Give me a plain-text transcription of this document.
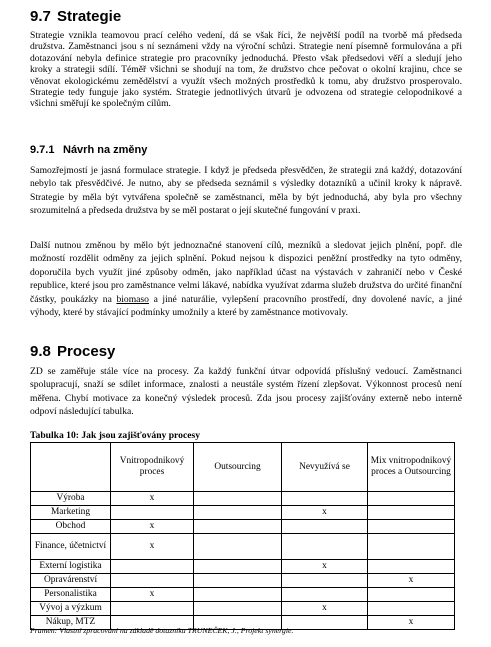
9.7 Strategie

Strategie vznikla teamovou prací celého vedení, dá se však říci, že největší podíl na tvorbě má předseda družstva. Zaměstnanci jsou s ní seznámeni vždy na výroční schůzi. Strategie není písemně formulována a při dotazování nebyla definice strategie pro pracovníky jednoduchá. Přesto však předsedovi věří a sledují jeho kroky a strategii sdílí. Téměř všichni se shodují na tom, že družstvo chce pečovat o okolní krajinu, chce se věnovat ekologickému zemědělství a využít všech možných prostředků k tomu, aby družstvo prosperovalo. Strategie tedy funguje jako systém. Strategie jednotlivých útvarů je odvozena od strategie celopodnikové a všichni směřují ke společným cílům.

9.7.1 Návrh na změny

Samozřejmostí je jasná formulace strategie. I když je předseda přesvědčen, že strategii zná každý, dotazování nebylo tak přesvědčivé. Je nutno, aby se předseda seznámil s výsledky dotazníků a učinil kroky k nápravě. Strategie by měla být vytvářena společně se zaměstnanci, měla by být jednoduchá, aby byla pro všechny srozumitelná a předseda družstva by se měl postarat o její skutečné fungování v praxi.

Další nutnou změnou by mělo být jednoznačné stanovení cílů, mezníků a sledovat jejich plnění, popř. dle možností rozdělit odměny za jejich splnění. Pokud nejsou k dispozici peněžní prostředky na tyto odměny, doporučila bych využít jiné způsoby odměn, jako například účast na výstavách v zahraničí nebo v České republice, které jsou pro zaměstnance velmi lákavé, nabídka využívat zdarma služeb družstva do určité finanční částky, poukázky na biomaso a jiné naturálie, vylepšení pracovního prostředí, dny dovolené navíc, a jiné výhody, které by stávající podmínky umožnily a které by zaměstnance motivovaly.

9.8 Procesy

ZD se zaměřuje stále více na procesy. Za každý funkční útvar odpovídá příslušný vedoucí. Zaměstnanci spolupracují, snaží se sdílet informace, znalosti a neustále systém řízení zlepšovat. Výkonnost procesů není měřena. Chybí motivace za konečný výsledek procesů. Zda jsou procesy zajišťovány externě nebo interně odpoví následující tabulka.

Tabulka 10: Jak jsou zajišťovány procesy

	Vnitropodnikový proces	Outsourcing	Nevyužívá se	Mix vnitropodnikový proces a Outsourcing
Výroba	x			
Marketing			x	
Obchod	x			
Finance, účetnictví	x			
Externí logistika			x	
Opravárenství				x
Personalistika	x			
Vývoj a výzkum			x	
Nákup, MTZ				x

Pramen: Vlastní zpracování na základě dotazníku TRUNEČEK, J., Projekt synergie.
